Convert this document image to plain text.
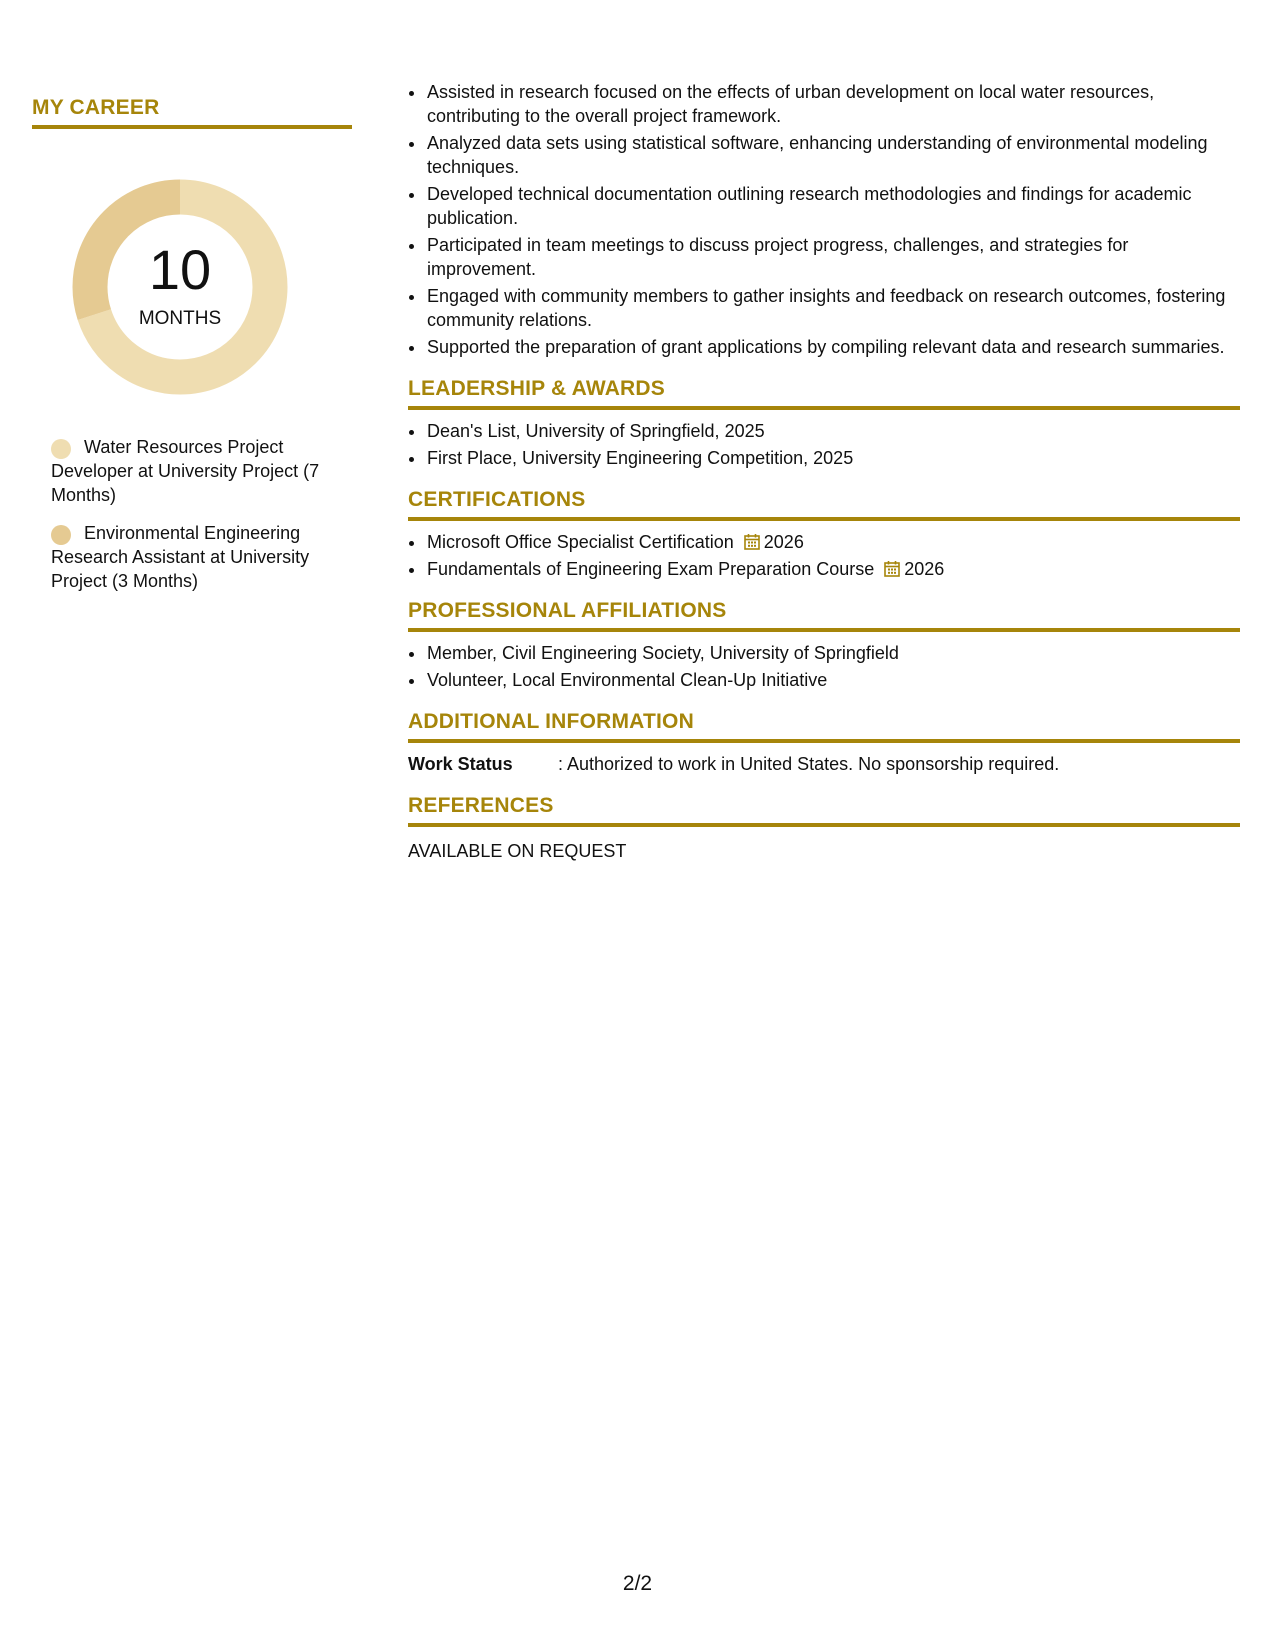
MY CAREER
10
MONTHS
Water Resources Project Developer at University Project (7 Months)
Environmental Engineering Research Assistant at University Project (3 Months)
• Assisted in research focused on the effects of urban development on local water resources, contributing to the overall project framework.
• Analyzed data sets using statistical software, enhancing understanding of environmental modeling techniques.
• Developed technical documentation outlining research methodologies and findings for academic publication.
• Participated in team meetings to discuss project progress, challenges, and strategies for improvement.
• Engaged with community members to gather insights and feedback on research outcomes, fostering community relations.
• Supported the preparation of grant applications by compiling relevant data and research summaries.
LEADERSHIP & AWARDS
• Dean's List, University of Springfield, 2025
• First Place, University Engineering Competition, 2025
CERTIFICATIONS
• Microsoft Office Specialist Certification 2026
• Fundamentals of Engineering Exam Preparation Course 2026
PROFESSIONAL AFFILIATIONS
• Member, Civil Engineering Society, University of Springfield
• Volunteer, Local Environmental Clean-Up Initiative
ADDITIONAL INFORMATION
Work Status	: Authorized to work in United States. No sponsorship required.
REFERENCES
AVAILABLE ON REQUEST
2/2
